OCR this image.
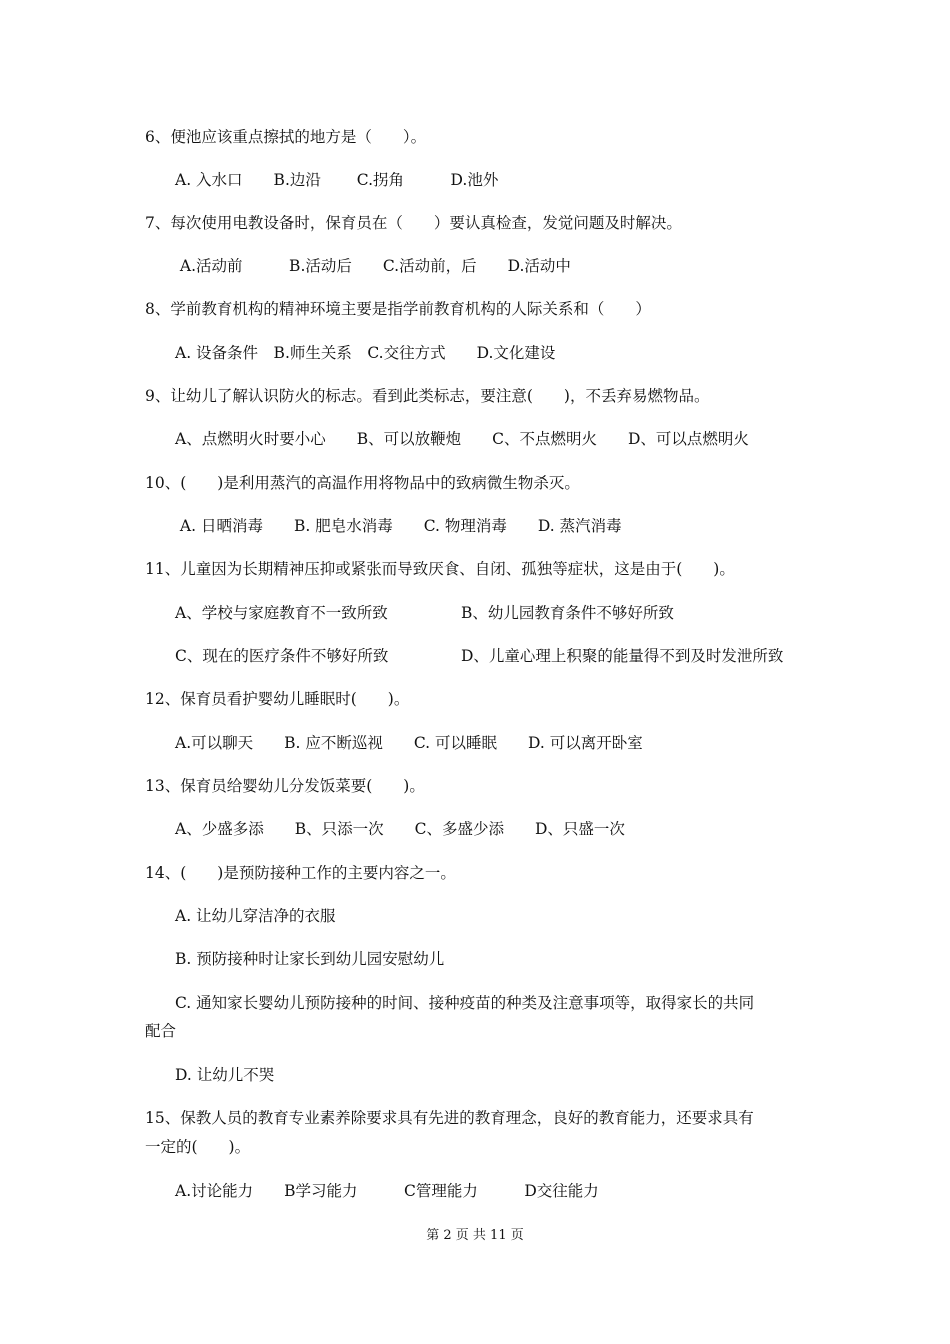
6、便池应该重点擦拭的地方是（　　）。
A. 入水口　　B.边沿　　 C.拐角　　　D.池外
7、每次使用电教设备时，保育员在（　　）要认真检查，发觉问题及时解决。
A.活动前　　　B.活动后　　C.活动前，后　　D.活动中
8、学前教育机构的精神环境主要是指学前教育机构的人际关系和（　　）
A. 设备条件　B.师生关系　C.交往方式　　D.文化建设
9、让幼儿了解认识防火的标志。看到此类标志，要注意(　　)，不丢弃易燃物品。
A、点燃明火时要小心　　B、可以放鞭炮　　C、不点燃明火　　D、可以点燃明火
10、(　　)是利用蒸汽的高温作用将物品中的致病微生物杀灭。
A. 日晒消毒　　B. 肥皂水消毒　　C. 物理消毒　　D. 蒸汽消毒
11、儿童因为长期精神压抑或紧张而导致厌食、自闭、孤独等症状，这是由于(　　)。
A、学校与家庭教育不一致所致	B、幼儿园教育条件不够好所致
C、现在的医疗条件不够好所致	D、儿童心理上积聚的能量得不到及时发泄所致
12、保育员看护婴幼儿睡眠时(　　)。
A.可以聊天　　B. 应不断巡视　　C. 可以睡眠　　D. 可以离开卧室
13、保育员给婴幼儿分发饭菜要(　　)。
A、少盛多添　　B、只添一次　　C、多盛少添　　D、只盛一次
14、(　　)是预防接种工作的主要内容之一。
A. 让幼儿穿洁净的衣服
B. 预防接种时让家长到幼儿园安慰幼儿
C. 通知家长婴幼儿预防接种的时间、接种疫苗的种类及注意事项等，取得家长的共同
配合
D. 让幼儿不哭
15、保教人员的教育专业素养除要求具有先进的教育理念，良好的教育能力，还要求具有
一定的(　　)。
A.讨论能力　　B学习能力　　　C管理能力　　　D交往能力
第 2 页 共 11 页
